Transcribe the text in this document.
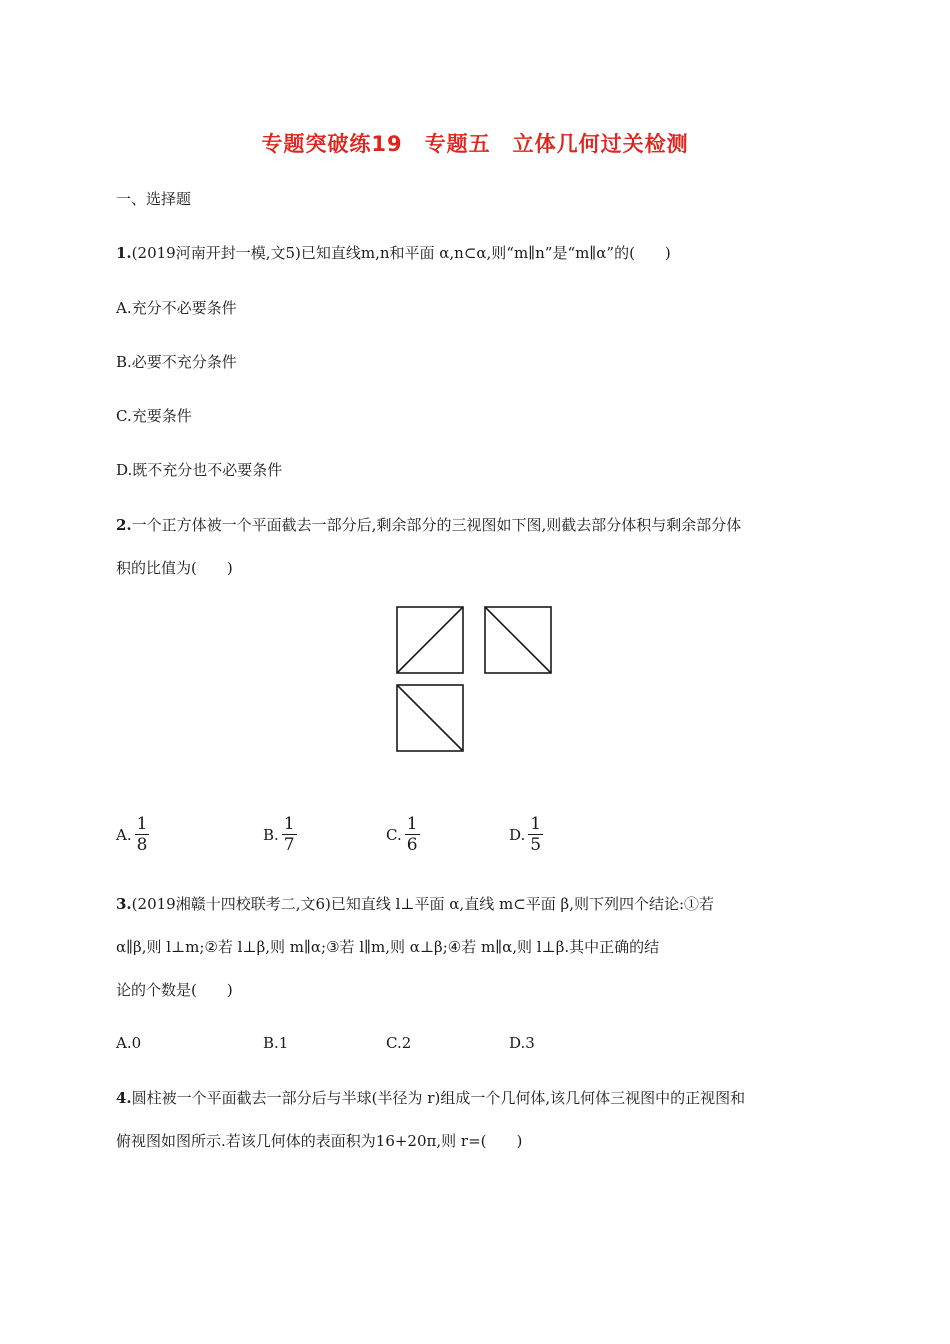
专题突破练19　专题五　立体几何过关检测
一、选择题
1.(2019河南开封一模,文5)已知直线m,n和平面 α,n⊂α,则“m∥n”是“m∥α”的(　　)
A.充分不必要条件
B.必要不充分条件
C.充要条件
D.既不充分也不必要条件
2.一个正方体被一个平面截去一部分后,剩余部分的三视图如下图,则截去部分体积与剩余部分体
积的比值为(　　)
A. $\frac{1}{8}$	B. $\frac{1}{7}$	C. $\frac{1}{6}$	D. $\frac{1}{5}$
3.(2019湘赣十四校联考二,文6)已知直线 l⊥平面 α,直线 m⊂平面 β,则下列四个结论:①若
α∥β,则 l⊥m;②若 l⊥β,则 m∥α;③若 l∥m,则 α⊥β;④若 m∥α,则 l⊥β.其中正确的结
论的个数是(　　)
A.0	B.1	C.2	D.3
4.圆柱被一个平面截去一部分后与半球(半径为 r)组成一个几何体,该几何体三视图中的正视图和
俯视图如图所示.若该几何体的表面积为16+20π,则 r=(　　)
